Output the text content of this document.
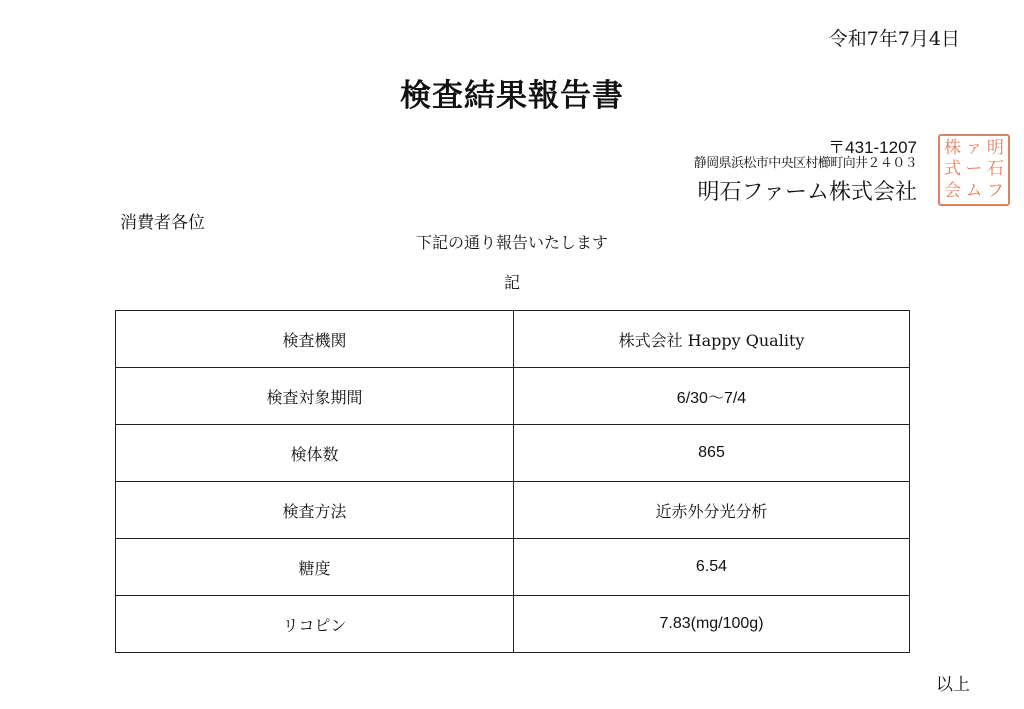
令和7年7月4日
検査結果報告書
〒431-1207
静岡県浜松市中央区村櫛町向井２４０３
明石ファーム株式会社
株 ァ 明
式 ー 石
会 ム フ
消費者各位
下記の通り報告いたします
記
検査機関	株式会社 Happy Quality
検査対象期間	6/30～7/4
検体数	865
検査方法	近赤外分光分析
糖度	6.54
リコピン	7.83(mg/100g)
以上
